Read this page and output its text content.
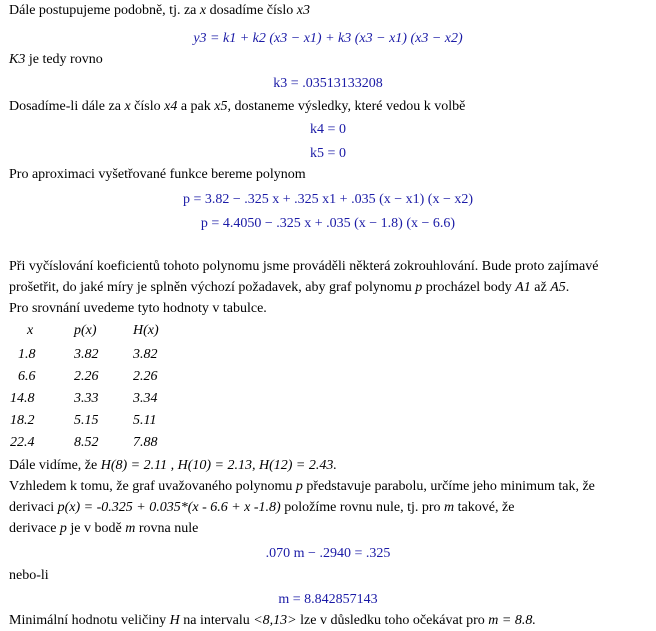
Dále postupujeme podobně, tj. za x dosadíme číslo x3
y3 = k1 + k2 (x3 − x1) + k3 (x3 − x1) (x3 − x2)
K3 je tedy rovno
k3 = .03513133208
Dosadíme-li dále za x číslo x4 a pak x5, dostaneme výsledky, které vedou k volbě
k4 = 0
k5 = 0
Pro aproximaci vyšetřované funkce bereme polynom
p = 3.82 − .325 x + .325 x1 + .035 (x − x1) (x − x2)
p = 4.4050 − .325 x + .035 (x − 1.8) (x − 6.6)
Při vyčíslování koeficientů tohoto polynomu jsme prováděli některá zokrouhlování. Bude proto zajímavé
prošetřit, do jaké míry je splněn výchozí požadavek, aby graf polynomu p procházel body A1 až A5.
Pro srovnání uvedeme tyto hodnoty v tabulce.
x	p(x)	H(x)
1.8	3.82 3.82
6.6	2.26 2.26
14.8	3.33 3.34
18.2	5.15 5.11
22.4	8.52 7.88
Dále vidíme, že H(8) = 2.11 , H(10) = 2.13, H(12) = 2.43.
Vzhledem k tomu, že graf uvažovaného polynomu p představuje parabolu, určíme jeho minimum tak, že
derivaci p(x) = -0.325 + 0.035*(x - 6.6 + x -1.8) položíme rovnu nule, tj. pro m takové, že
derivace p je v bodě m rovna nule
.070 m − .2940 = .325
nebo-li
m = 8.842857143
Minimální hodnotu veličiny H na intervalu <8,13> lze v důsledku toho očekávat pro m = 8.8.
